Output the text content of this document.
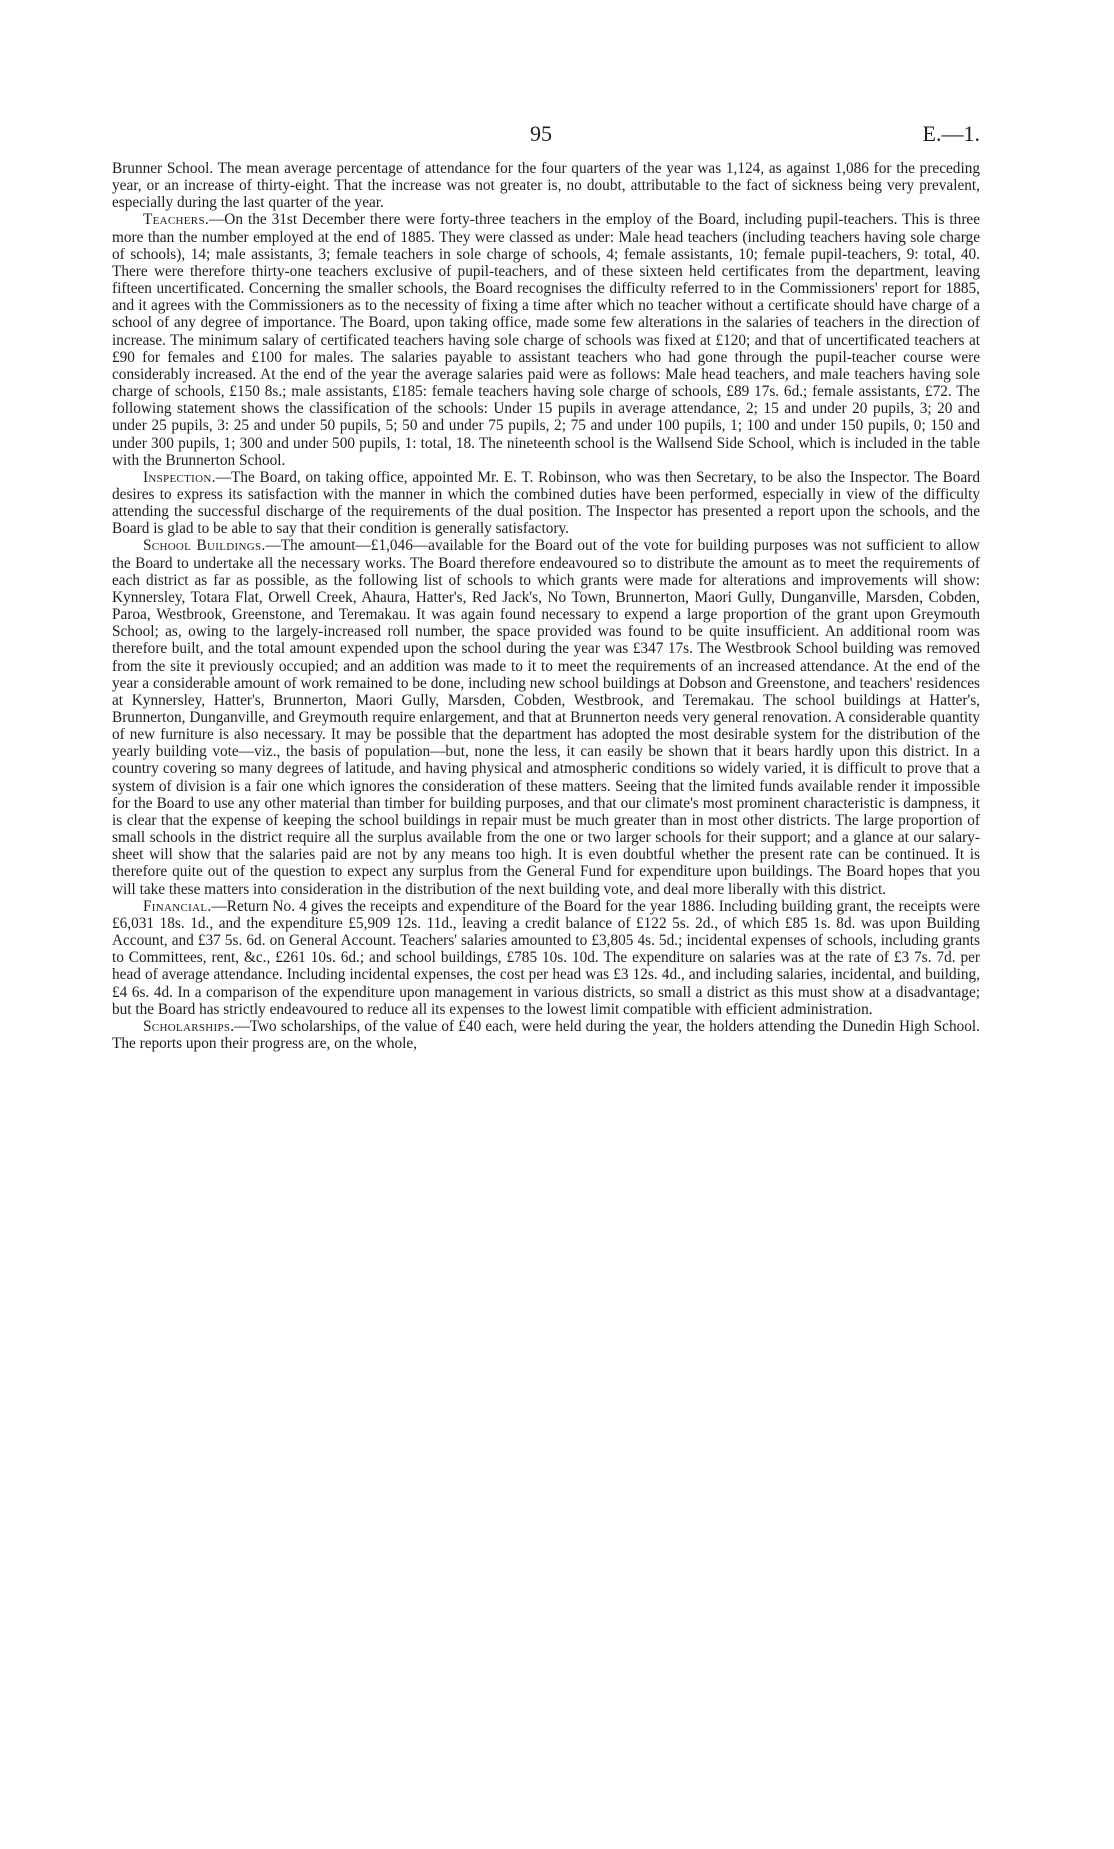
95	E.—1.

Brunner School. The mean average percentage of attendance for the four quarters of the year was 1,124, as against 1,086 for the preceding year, or an increase of thirty-eight. That the increase was not greater is, no doubt, attributable to the fact of sickness being very prevalent, especially during the last quarter of the year.

Teachers.—On the 31st December there were forty-three teachers in the employ of the Board, including pupil-teachers. This is three more than the number employed at the end of 1885. They were classed as under: Male head teachers (including teachers having sole charge of schools), 14; male assistants, 3; female teachers in sole charge of schools, 4; female assistants, 10; female pupil-teachers, 9: total, 40. There were therefore thirty-one teachers exclusive of pupil-teachers, and of these sixteen held certificates from the department, leaving fifteen uncertificated. Concerning the smaller schools, the Board recognises the difficulty referred to in the Commissioners' report for 1885, and it agrees with the Commissioners as to the necessity of fixing a time after which no teacher without a certificate should have charge of a school of any degree of importance. The Board, upon taking office, made some few alterations in the salaries of teachers in the direction of increase. The minimum salary of certificated teachers having sole charge of schools was fixed at £120; and that of uncertificated teachers at £90 for females and £100 for males. The salaries payable to assistant teachers who had gone through the pupil-teacher course were considerably increased. At the end of the year the average salaries paid were as follows: Male head teachers, and male teachers having sole charge of schools, £150 8s.; male assistants, £185: female teachers having sole charge of schools, £89 17s. 6d.; female assistants, £72. The following statement shows the classification of the schools: Under 15 pupils in average attendance, 2; 15 and under 20 pupils, 3; 20 and under 25 pupils, 3: 25 and under 50 pupils, 5; 50 and under 75 pupils, 2; 75 and under 100 pupils, 1; 100 and under 150 pupils, 0; 150 and under 300 pupils, 1; 300 and under 500 pupils, 1: total, 18. The nineteenth school is the Wallsend Side School, which is included in the table with the Brunnerton School.

Inspection.—The Board, on taking office, appointed Mr. E. T. Robinson, who was then Secretary, to be also the Inspector. The Board desires to express its satisfaction with the manner in which the combined duties have been performed, especially in view of the difficulty attending the successful discharge of the requirements of the dual position. The Inspector has presented a report upon the schools, and the Board is glad to be able to say that their condition is generally satisfactory.

School Buildings.—The amount—£1,046—available for the Board out of the vote for building purposes was not sufficient to allow the Board to undertake all the necessary works. The Board therefore endeavoured so to distribute the amount as to meet the requirements of each district as far as possible, as the following list of schools to which grants were made for alterations and improvements will show: Kynnersley, Totara Flat, Orwell Creek, Ahaura, Hatter's, Red Jack's, No Town, Brunnerton, Maori Gully, Dunganville, Marsden, Cobden, Paroa, Westbrook, Greenstone, and Teremakau. It was again found necessary to expend a large proportion of the grant upon Greymouth School; as, owing to the largely-increased roll number, the space provided was found to be quite insufficient. An additional room was therefore built, and the total amount expended upon the school during the year was £347 17s. The Westbrook School building was removed from the site it previously occupied; and an addition was made to it to meet the requirements of an increased attendance. At the end of the year a considerable amount of work remained to be done, including new school buildings at Dobson and Greenstone, and teachers' residences at Kynnersley, Hatter's, Brunnerton, Maori Gully, Marsden, Cobden, Westbrook, and Teremakau. The school buildings at Hatter's, Brunnerton, Dunganville, and Greymouth require enlargement, and that at Brunnerton needs very general renovation. A considerable quantity of new furniture is also necessary. It may be possible that the department has adopted the most desirable system for the distribution of the yearly building vote—viz., the basis of population—but, none the less, it can easily be shown that it bears hardly upon this district. In a country covering so many degrees of latitude, and having physical and atmospheric conditions so widely varied, it is difficult to prove that a system of division is a fair one which ignores the consideration of these matters. Seeing that the limited funds available render it impossible for the Board to use any other material than timber for building purposes, and that our climate's most prominent characteristic is dampness, it is clear that the expense of keeping the school buildings in repair must be much greater than in most other districts. The large proportion of small schools in the district require all the surplus available from the one or two larger schools for their support; and a glance at our salary-sheet will show that the salaries paid are not by any means too high. It is even doubtful whether the present rate can be continued. It is therefore quite out of the question to expect any surplus from the General Fund for expenditure upon buildings. The Board hopes that you will take these matters into consideration in the distribution of the next building vote, and deal more liberally with this district.

Financial.—Return No. 4 gives the receipts and expenditure of the Board for the year 1886. Including building grant, the receipts were £6,031 18s. 1d., and the expenditure £5,909 12s. 11d., leaving a credit balance of £122 5s. 2d., of which £85 1s. 8d. was upon Building Account, and £37 5s. 6d. on General Account. Teachers' salaries amounted to £3,805 4s. 5d.; incidental expenses of schools, including grants to Committees, rent, &c., £261 10s. 6d.; and school buildings, £785 10s. 10d. The expenditure on salaries was at the rate of £3 7s. 7d. per head of average attendance. Including incidental expenses, the cost per head was £3 12s. 4d., and including salaries, incidental, and building, £4 6s. 4d. In a comparison of the expenditure upon management in various districts, so small a district as this must show at a disadvantage; but the Board has strictly endeavoured to reduce all its expenses to the lowest limit compatible with efficient administration.

Scholarships.—Two scholarships, of the value of £40 each, were held during the year, the holders attending the Dunedin High School. The reports upon their progress are, on the whole,
